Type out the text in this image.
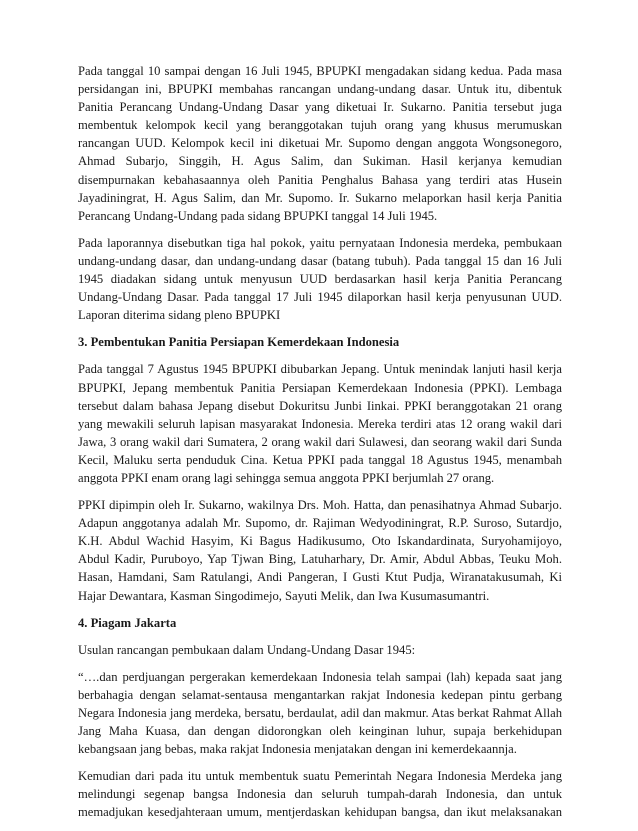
Pada tanggal 10 sampai dengan 16 Juli 1945, BPUPKI mengadakan sidang kedua. Pada masa persidangan ini, BPUPKI membahas rancangan undang-undang dasar. Untuk itu, dibentuk Panitia Perancang Undang-Undang Dasar yang diketuai Ir. Sukarno. Panitia tersebut juga membentuk kelompok kecil yang beranggotakan tujuh orang yang khusus merumuskan rancangan UUD. Kelompok kecil ini diketuai Mr. Supomo dengan anggota Wongsonegoro, Ahmad Subarjo, Singgih, H. Agus Salim, dan Sukiman. Hasil kerjanya kemudian disempurnakan kebahasaannya oleh Panitia Penghalus Bahasa yang terdiri atas Husein Jayadiningrat, H. Agus Salim, dan Mr. Supomo. Ir. Sukarno melaporkan hasil kerja Panitia Perancang Undang-Undang pada sidang BPUPKI tanggal 14 Juli 1945.

Pada laporannya disebutkan tiga hal pokok, yaitu pernyataan Indonesia merdeka, pembukaan undang-undang dasar, dan undang-undang dasar (batang tubuh). Pada tanggal 15 dan 16 Juli 1945 diadakan sidang untuk menyusun UUD berdasarkan hasil kerja Panitia Perancang Undang-Undang Dasar. Pada tanggal 17 Juli 1945 dilaporkan hasil kerja penyusunan UUD. Laporan diterima sidang pleno BPUPKI

3. Pembentukan Panitia Persiapan Kemerdekaan Indonesia

Pada tanggal 7 Agustus 1945 BPUPKI dibubarkan Jepang. Untuk menindak lanjuti hasil kerja BPUPKI, Jepang membentuk Panitia Persiapan Kemerdekaan Indonesia (PPKI). Lembaga tersebut dalam bahasa Jepang disebut Dokuritsu Junbi Iinkai. PPKI beranggotakan 21 orang yang mewakili seluruh lapisan masyarakat Indonesia. Mereka terdiri atas 12 orang wakil dari Jawa, 3 orang wakil dari Sumatera, 2 orang wakil dari Sulawesi, dan seorang wakil dari Sunda Kecil, Maluku serta penduduk Cina. Ketua PPKI pada tanggal 18 Agustus 1945, menambah anggota PPKI enam orang lagi sehingga semua anggota PPKI berjumlah 27 orang.

PPKI dipimpin oleh Ir. Sukarno, wakilnya Drs. Moh. Hatta, dan penasihatnya Ahmad Subarjo. Adapun anggotanya adalah Mr. Supomo, dr. Rajiman Wedyodiningrat, R.P. Suroso, Sutardjo, K.H. Abdul Wachid Hasyim, Ki Bagus Hadikusumo, Oto Iskandardinata, Suryohamijoyo, Abdul Kadir, Puruboyo, Yap Tjwan Bing, Latuharhary, Dr. Amir, Abdul Abbas, Teuku Moh. Hasan, Hamdani, Sam Ratulangi, Andi Pangeran, I Gusti Ktut Pudja, Wiranatakusumah, Ki Hajar Dewantara, Kasman Singodimejo, Sayuti Melik, dan Iwa Kusumasumantri.

4. Piagam Jakarta

Usulan rancangan pembukaan dalam Undang-Undang Dasar 1945:

“….dan perdjuangan pergerakan kemerdekaan Indonesia telah sampai (lah) kepada saat jang berbahagia dengan selamat-sentausa mengantarkan rakjat Indonesia kedepan pintu gerbang Negara Indonesia jang merdeka, bersatu, berdaulat, adil dan makmur. Atas berkat Rahmat Allah Jang Maha Kuasa, dan dengan didorongkan oleh keinginan luhur, supaja berkehidupan kebangsaan jang bebas, maka rakjat Indonesia menjatakan dengan ini kemerdekaannja.

Kemudian dari pada itu untuk membentuk suatu Pemerintah Negara Indonesia Merdeka jang melindungi segenap bangsa Indonesia dan seluruh tumpah-darah Indonesia, dan untuk memadjukan kesedjahteraan umum, mentjerdaskan kehidupan bangsa, dan ikut melaksanakan
